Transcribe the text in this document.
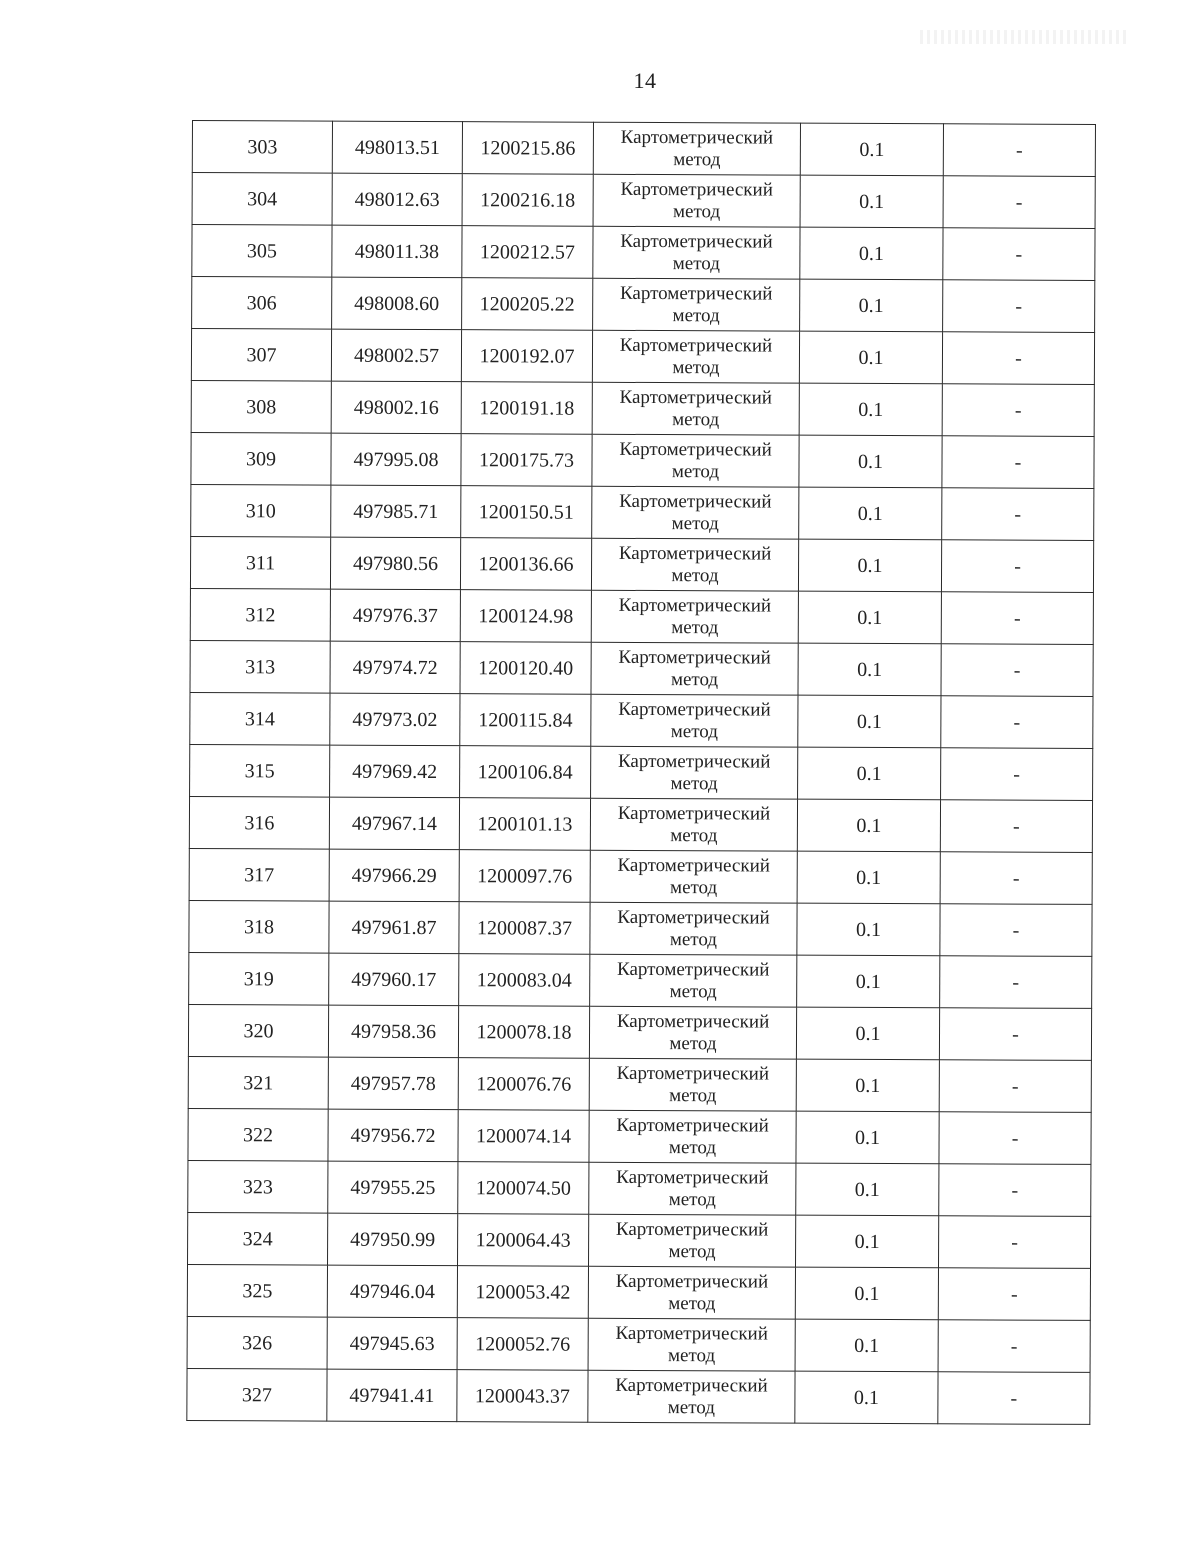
14
303	498013.51	1200215.86	Картометрический
метод	0.1	-
304	498012.63	1200216.18	Картометрический
метод	0.1	-
305	498011.38	1200212.57	Картометрический
метод	0.1	-
306	498008.60	1200205.22	Картометрический
метод	0.1	-
307	498002.57	1200192.07	Картометрический
метод	0.1	-
308	498002.16	1200191.18	Картометрический
метод	0.1	-
309	497995.08	1200175.73	Картометрический
метод	0.1	-
310	497985.71	1200150.51	Картометрический
метод	0.1	-
311	497980.56	1200136.66	Картометрический
метод	0.1	-
312	497976.37	1200124.98	Картометрический
метод	0.1	-
313	497974.72	1200120.40	Картометрический
метод	0.1	-
314	497973.02	1200115.84	Картометрический
метод	0.1	-
315	497969.42	1200106.84	Картометрический
метод	0.1	-
316	497967.14	1200101.13	Картометрический
метод	0.1	-
317	497966.29	1200097.76	Картометрический
метод	0.1	-
318	497961.87	1200087.37	Картометрический
метод	0.1	-
319	497960.17	1200083.04	Картометрический
метод	0.1	-
320	497958.36	1200078.18	Картометрический
метод	0.1	-
321	497957.78	1200076.76	Картометрический
метод	0.1	-
322	497956.72	1200074.14	Картометрический
метод	0.1	-
323	497955.25	1200074.50	Картометрический
метод	0.1	-
324	497950.99	1200064.43	Картометрический
метод	0.1	-
325	497946.04	1200053.42	Картометрический
метод	0.1	-
326	497945.63	1200052.76	Картометрический
метод	0.1	-
327	497941.41	1200043.37	Картометрический
метод	0.1	-
